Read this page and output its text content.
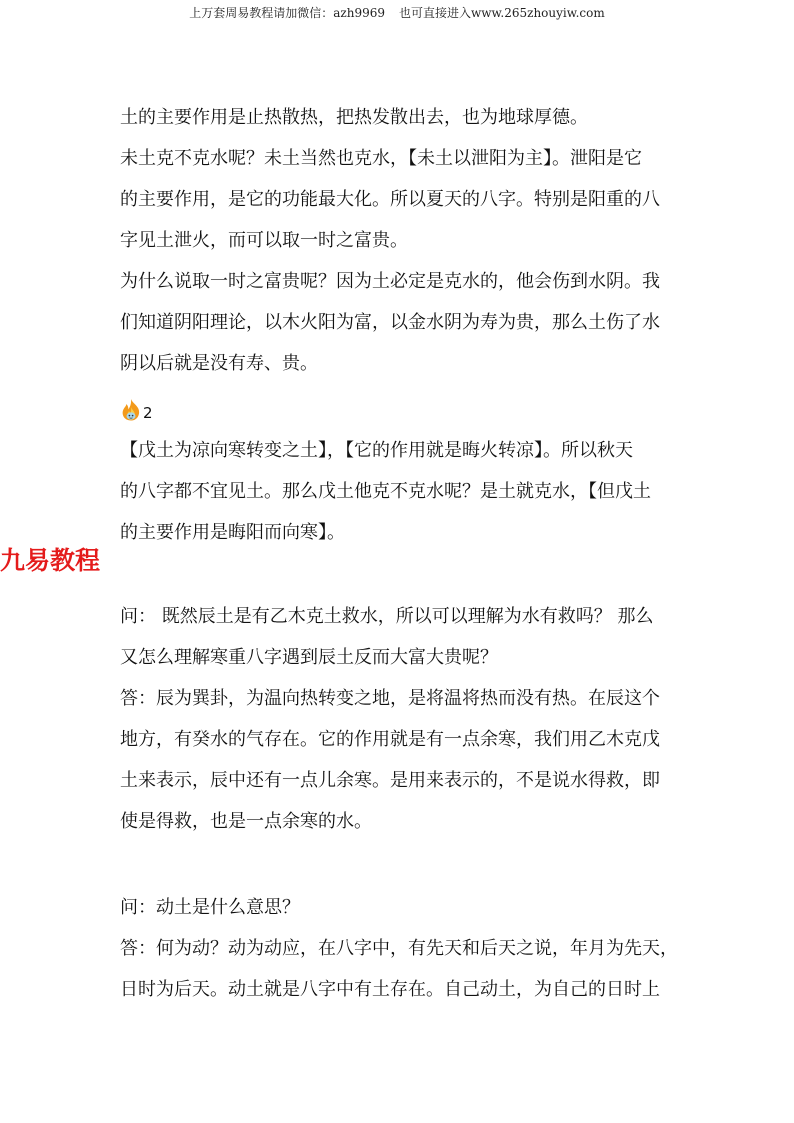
上万套周易教程请加微信：azh9969 也可直接进入www.265zhouyiw.com
土的主要作用是止热散热，把热发散出去，也为地球厚德。
未土克不克水呢？未土当然也克水，【未土以泄阳为主】。泄阳是它
的主要作用，是它的功能最大化。所以夏天的八字。特别是阳重的八
字见土泄火，而可以取一时之富贵。
为什么说取一时之富贵呢？因为土必定是克水的，他会伤到水阴。我
们知道阴阳理论，以木火阳为富，以金水阴为寿为贵，那么土伤了水
阴以后就是没有寿、贵。
2
【戊土为凉向寒转变之土】，【它的作用就是晦火转凉】。所以秋天
的八字都不宜见土。那么戊土他克不克水呢？是土就克水，【但戊土
的主要作用是晦阳而向寒】。
九易教程
问： 既然辰土是有乙木克土救水，所以可以理解为水有救吗？ 那么
又怎么理解寒重八字遇到辰土反而大富大贵呢？
答：辰为巽卦，为温向热转变之地，是将温将热而没有热。在辰这个
地方，有癸水的气存在。它的作用就是有一点余寒，我们用乙木克戊
土来表示，辰中还有一点儿余寒。是用来表示的，不是说水得救，即
使是得救，也是一点余寒的水。
问：动土是什么意思？
答：何为动？动为动应，在八字中，有先天和后天之说，年月为先天，
日时为后天。动土就是八字中有土存在。自己动土，为自己的日时上
